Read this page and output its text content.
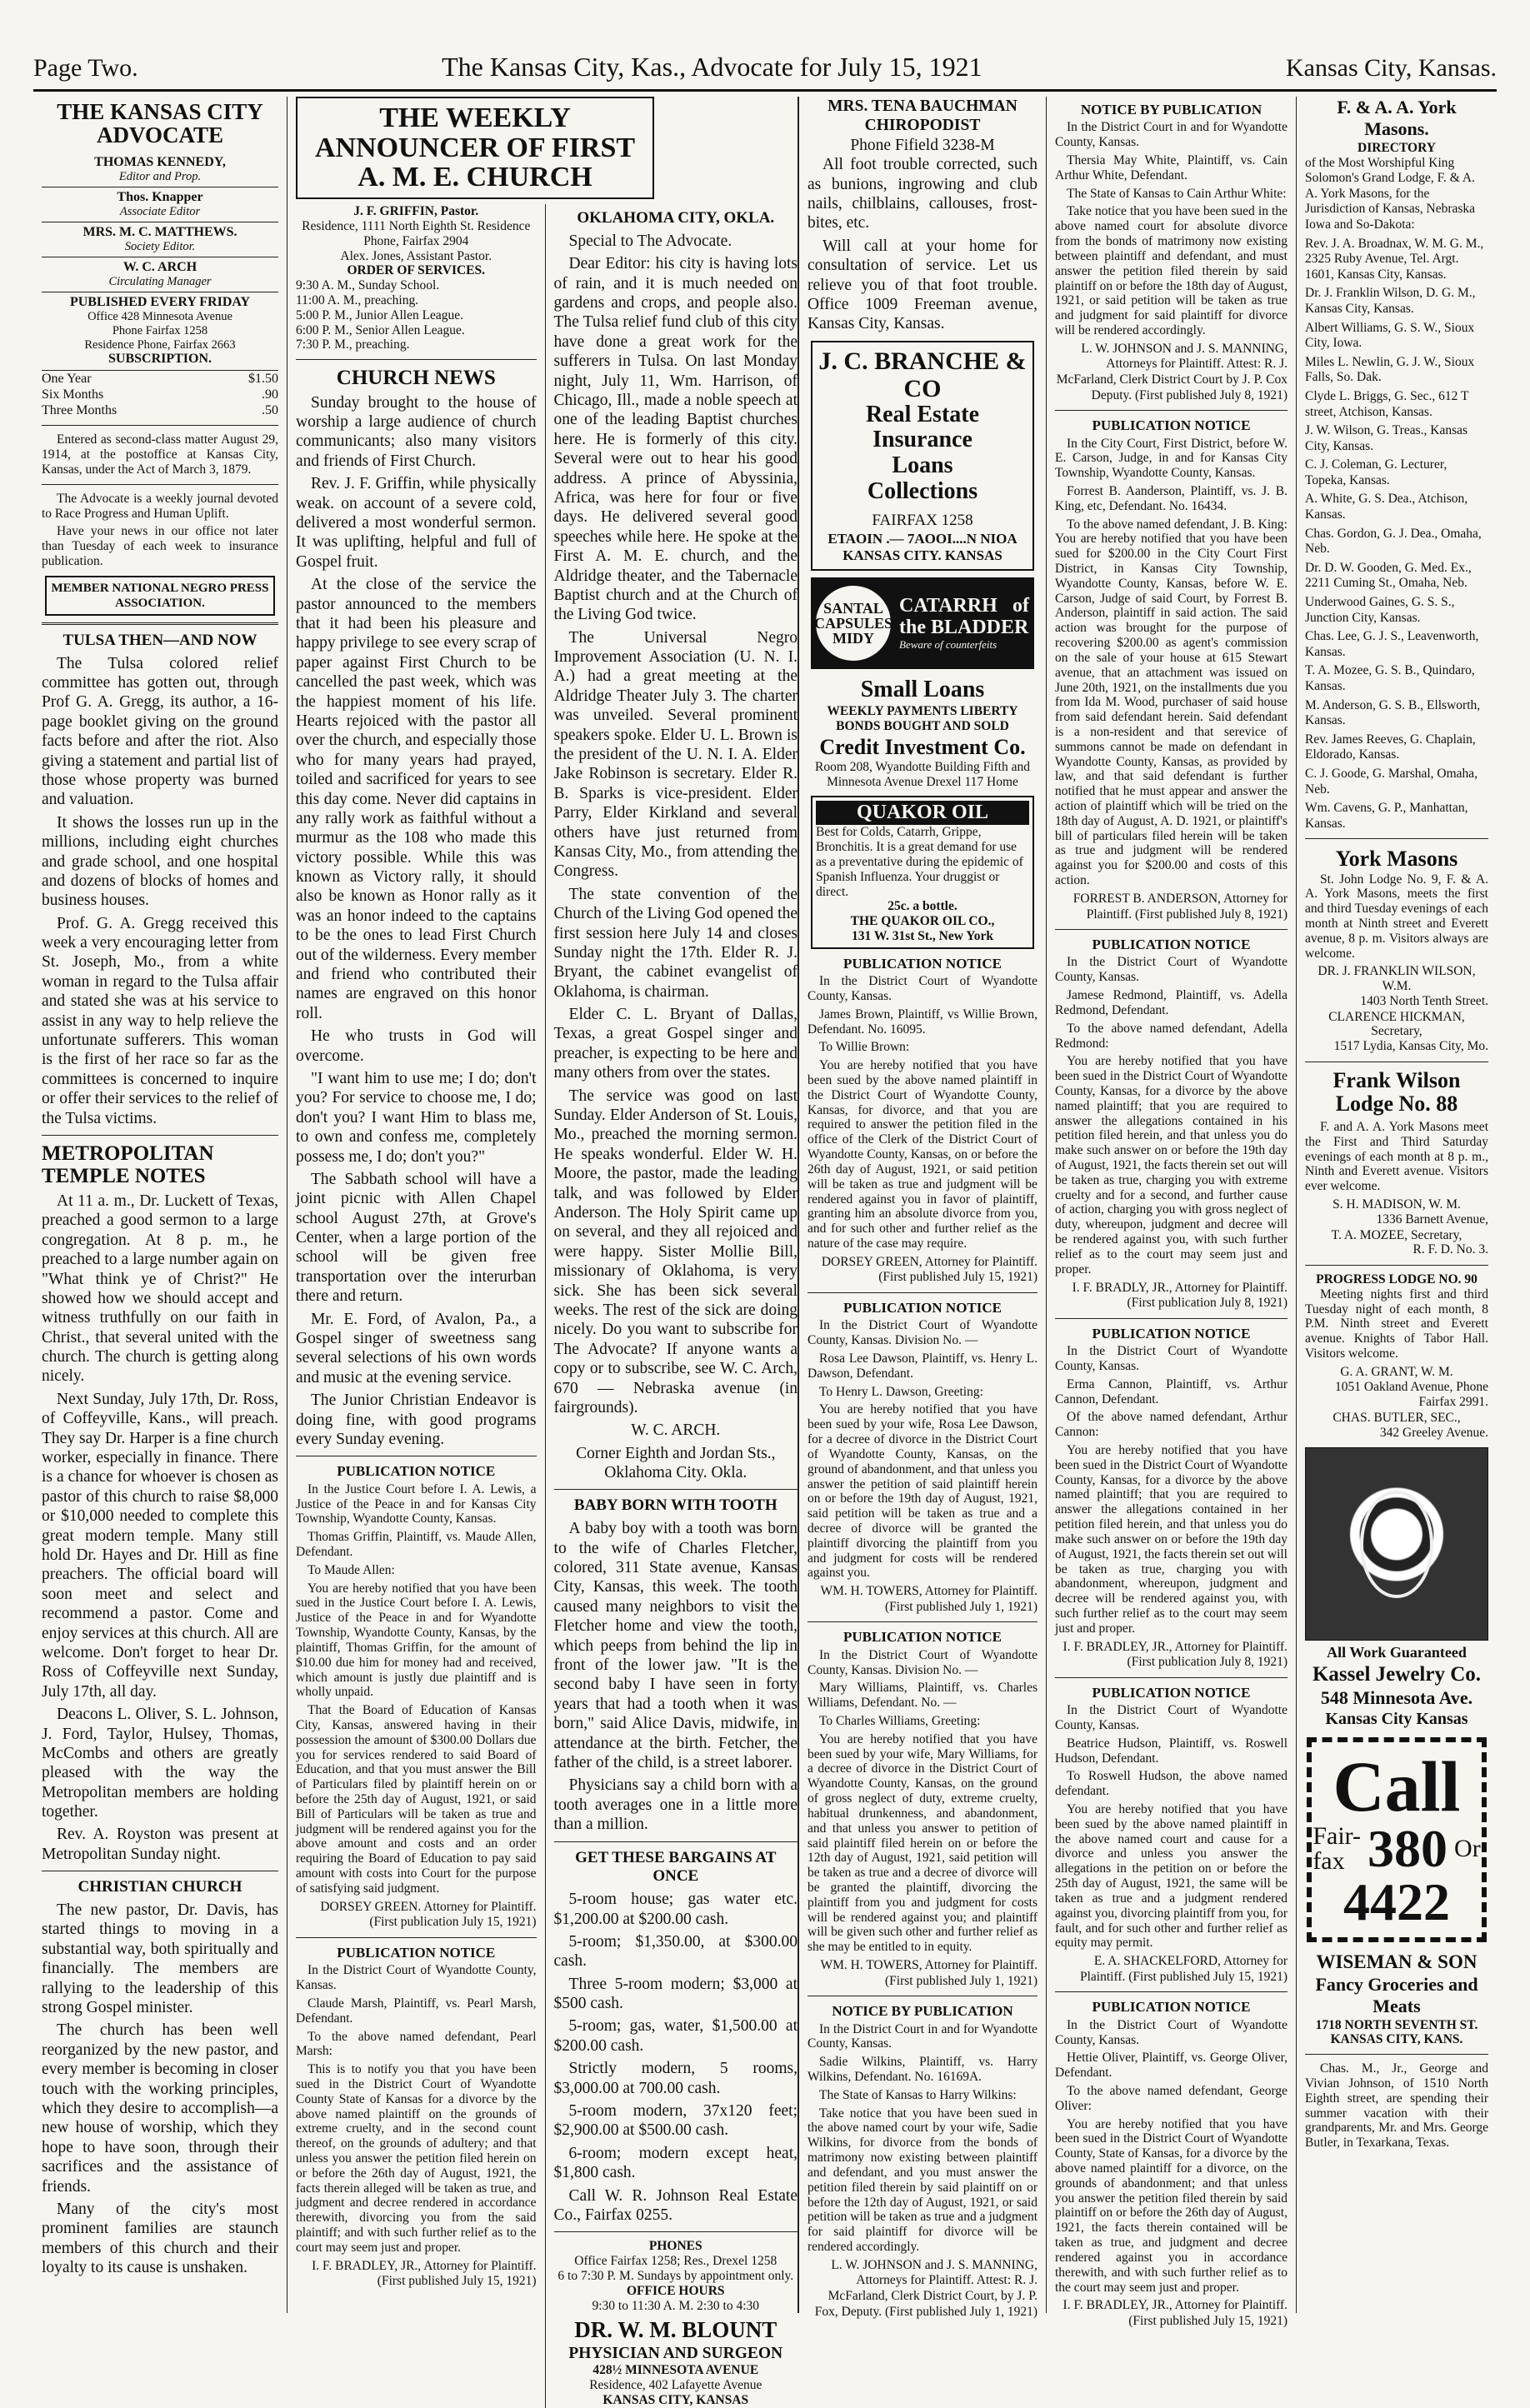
Page Two.	The Kansas City, Kas., Advocate for July 15, 1921	Kansas City, Kansas.
THE KANSAS CITY ADVOCATE
THOMAS KENNEDY,
Editor and Prop.
Thos. Knapper
Associate Editor
MRS. M. C. MATTHEWS.
Society Editor.
W. C. ARCH
Circulating Manager
PUBLISHED EVERY FRIDAY
Office 428 Minnesota Avenue
Phone Fairfax 1258
Residence Phone, Fairfax 2663
SUBSCRIPTION.
One Year	$1.50
Six Months	.90
Three Months	.50

Entered as second-class matter August 29, 1914, at the postoffice at Kansas City, Kansas, under the Act of March 3, 1879.

The Advocate is a weekly journal devoted to Race Progress and Human Uplift.

Have your news in our office not later than Tuesday of each week to insurance publication.

MEMBER NATIONAL NEGRO PRESS ASSOCIATION.
TULSA THEN—AND NOW

The Tulsa colored relief committee has gotten out, through Prof G. A. Gregg, its author, a 16-page booklet giving on the ground facts before and after the riot. Also giving a statement and partial list of those whose property was burned and valuation.

It shows the losses run up in the millions, including eight churches and grade school, and one hospital and dozens of blocks of homes and business houses.

Prof. G. A. Gregg received this week a very encouraging letter from St. Joseph, Mo., from a white woman in regard to the Tulsa affair and stated she was at his service to assist in any way to help relieve the unfortunate sufferers. This woman is the first of her race so far as the committees is concerned to inquire or offer their services to the relief of the Tulsa victims.

METROPOLITAN TEMPLE NOTES

At 11 a. m., Dr. Luckett of Texas, preached a good sermon to a large congregation. At 8 p. m., he preached to a large number again on "What think ye of Christ?" He showed how we should accept and witness truthfully on our faith in Christ., that several united with the church. The church is getting along nicely.

Next Sunday, July 17th, Dr. Ross, of Coffeyville, Kans., will preach. They say Dr. Harper is a fine church worker, especially in finance. There is a chance for whoever is chosen as pastor of this church to raise $8,000 or $10,000 needed to complete this great modern temple. Many still hold Dr. Hayes and Dr. Hill as fine preachers. The official board will soon meet and select and recommend a pastor. Come and enjoy services at this church. All are welcome. Don't forget to hear Dr. Ross of Coffeyville next Sunday, July 17th, all day.

Deacons L. Oliver, S. L. Johnson, J. Ford, Taylor, Hulsey, Thomas, McCombs and others are greatly pleased with the way the Metropolitan members are holding together.

Rev. A. Royston was present at Metropolitan Sunday night.

CHRISTIAN CHURCH

The new pastor, Dr. Davis, has started things to moving in a substantial way, both spiritually and financially. The members are rallying to the leadership of this strong Gospel minister.

The church has been well reorganized by the new pastor, and every member is becoming in closer touch with the working principles, which they desire to accomplish—a new house of worship, which they hope to have soon, through their sacrifices and the assistance of friends.

Many of the city's most prominent families are staunch members of this church and their loyalty to its cause is unshaken.

THE WEEKLY ANNOUNCER OF FIRST A. M. E. CHURCH
J. F. GRIFFIN, Pastor.
Residence, 1111 North Eighth St. Residence Phone, Fairfax 2904
Alex. Jones, Assistant Pastor.
ORDER OF SERVICES.
9:30 A. M., Sunday School.
11:00 A. M., preaching.
5:00 P. M., Junior Allen League.
6:00 P. M., Senior Allen League.
7:30 P. M., preaching.
CHURCH NEWS

Sunday brought to the house of worship a large audience of church communicants; also many visitors and friends of First Church.

Rev. J. F. Griffin, while physically weak. on account of a severe cold, delivered a most wonderful sermon. It was uplifting, helpful and full of Gospel fruit.

At the close of the service the pastor announced to the members that it had been his pleasure and happy privilege to see every scrap of paper against First Church to be cancelled the past week, which was the happiest moment of his life. Hearts rejoiced with the pastor all over the church, and especially those who for many years had prayed, toiled and sacrificed for years to see this day come. Never did captains in any rally work as faithful without a murmur as the 108 who made this victory possible. While this was known as Victory rally, it should also be known as Honor rally as it was an honor indeed to the captains to be the ones to lead First Church out of the wilderness. Every member and friend who contributed their names are engraved on this honor roll.

He who trusts in God will overcome.

"I want him to use me; I do; don't you? For service to choose me, I do; don't you? I want Him to blass me, to own and confess me, completely possess me, I do; don't you?"

The Sabbath school will have a joint picnic with Allen Chapel school August 27th, at Grove's Center, when a large portion of the school will be given free transportation over the interurban there and return.

Mr. E. Ford, of Avalon, Pa., a Gospel singer of sweetness sang several selections of his own words and music at the evening service.

The Junior Christian Endeavor is doing fine, with good programs every Sunday evening.

PUBLICATION NOTICE

In the Justice Court before I. A. Lewis, a Justice of the Peace in and for Kansas City Township, Wyandotte County, Kansas.

Thomas Griffin, Plaintiff, vs. Maude Allen, Defendant.

To Maude Allen:

You are hereby notified that you have been sued in the Justice Court before I. A. Lewis, Justice of the Peace in and for Wyandotte Township, Wyandotte County, Kansas, by the plaintiff, Thomas Griffin, for the amount of $10.00 due him for money had and received, which amount is justly due plaintiff and is wholly unpaid.

That the Board of Education of Kansas City, Kansas, answered having in their possession the amount of $300.00 Dollars due you for services rendered to said Board of Education, and that you must answer the Bill of Particulars filed by plaintiff herein on or before the 25th day of August, 1921, or said Bill of Particulars will be taken as true and judgment will be rendered against you for the above amount and costs and an order requiring the Board of Education to pay said amount with costs into Court for the purpose of satisfying said judgment.

DORSEY GREEN. Attorney for Plaintiff. (First publication July 15, 1921)
PUBLICATION NOTICE

In the District Court of Wyandotte County, Kansas.

Claude Marsh, Plaintiff, vs. Pearl Marsh, Defendant.

To the above named defendant, Pearl Marsh:

This is to notify you that you have been sued in the District Court of Wyandotte County State of Kansas for a divorce by the above named plaintiff on the grounds of extreme cruelty, and in the second count thereof, on the grounds of adultery; and that unless you answer the petition filed herein on or before the 26th day of August, 1921, the facts therein alleged will be taken as true, and judgment and decree rendered in accordance therewith, divorcing you from the said plaintiff; and with such further relief as to the court may seem just and proper.

I. F. BRADLEY, JR., Attorney for Plaintiff. (First published July 15, 1921)
OKLAHOMA CITY, OKLA.

Special to The Advocate.

Dear Editor: his city is having lots of rain, and it is much needed on gardens and crops, and people also. The Tulsa relief fund club of this city have done a great work for the sufferers in Tulsa. On last Monday night, July 11, Wm. Harrison, of Chicago, Ill., made a noble speech at one of the leading Baptist churches here. He is formerly of this city. Several were out to hear his good address. A prince of Abyssinia, Africa, was here for four or five days. He delivered several good speeches while here. He spoke at the First A. M. E. church, and the Aldridge theater, and the Tabernacle Baptist church and at the Church of the Living God twice.

The Universal Negro Improvement Association (U. N. I. A.) had a great meeting at the Aldridge Theater July 3. The charter was unveiled. Several prominent speakers spoke. Elder U. L. Brown is the president of the U. N. I. A. Elder Jake Robinson is secretary. Elder R. B. Sparks is vice-president. Elder Parry, Elder Kirkland and several others have just returned from Kansas City, Mo., from attending the Congress.

The state convention of the Church of the Living God opened the first session here July 14 and closes Sunday night the 17th. Elder R. J. Bryant, the cabinet evangelist of Oklahoma, is chairman.

Elder C. L. Bryant of Dallas, Texas, a great Gospel singer and preacher, is expecting to be here and many others from over the states.

The service was good on last Sunday. Elder Anderson of St. Louis, Mo., preached the morning sermon. He speaks wonderful. Elder W. H. Moore, the pastor, made the leading talk, and was followed by Elder Anderson. The Holy Spirit came up on several, and they all rejoiced and were happy. Sister Mollie Bill, missionary of Oklahoma, is very sick. She has been sick several weeks. The rest of the sick are doing nicely. Do you want to subscribe for The Advocate? If anyone wants a copy or to subscribe, see W. C. Arch, 670 — Nebraska avenue (in fairgrounds).

W. C. ARCH.

Corner Eighth and Jordan Sts., Oklahoma City. Okla.

BABY BORN WITH TOOTH

A baby boy with a tooth was born to the wife of Charles Fletcher, colored, 311 State avenue, Kansas City, Kansas, this week. The tooth caused many neighbors to visit the Fletcher home and view the tooth, which peeps from behind the lip in front of the lower jaw. "It is the second baby I have seen in forty years that had a tooth when it was born," said Alice Davis, midwife, in attendance at the birth. Fetcher, the father of the child, is a street laborer.

Physicians say a child born with a tooth averages one in a little more than a million.

GET THESE BARGAINS AT ONCE

5-room house; gas water etc. $1,200.00 at $200.00 cash.

5-room; $1,350.00, at $300.00 cash.

Three 5-room modern; $3,000 at $500 cash.

5-room; gas, water, $1,500.00 at $200.00 cash.

Strictly modern, 5 rooms, $3,000.00 at 700.00 cash.

5-room modern, 37x120 feet; $2,900.00 at $500.00 cash.

6-room; modern except heat, $1,800 cash.

Call W. R. Johnson Real Estate Co., Fairfax 0255.

PHONES
Office Fairfax 1258; Res., Drexel 1258
6 to 7:30 P. M. Sundays by appointment only.
OFFICE HOURS
9:30 to 11:30 A. M. 2:30 to 4:30
DR. W. M. BLOUNT
PHYSICIAN AND SURGEON
428½ MINNESOTA AVENUE
Residence, 402 Lafayette Avenue
KANSAS CITY, KANSAS
MRS. TENA BAUCHMAN
CHIROPODIST
Phone Fifield 3238-M

All foot trouble corrected, such as bunions, ingrowing and club nails, chilblains, callouses, frost-bites, etc.

Will call at your home for consultation of service. Let us relieve you of that foot trouble. Office 1009 Freeman avenue, Kansas City, Kansas.

J. C. BRANCHE & CO
Real Estate
Insurance
Loans
Collections
FAIRFAX 1258
ETAOIN .— 7AOOI....N NIOA
KANSAS CITY. KANSAS
SANTAL CAPSULES MIDY
CATARRH of the BLADDER
Beware of counterfeits
Small Loans
WEEKLY PAYMENTS LIBERTY BONDS BOUGHT AND SOLD
Credit Investment Co.
Room 208, Wyandotte Building Fifth and Minnesota Avenue Drexel 117 Home
QUAKOR OIL
Best for Colds, Catarrh, Grippe, Bronchitis. It is a great demand for use as a preventative during the epidemic of Spanish Influenza. Your druggist or direct.
25c. a bottle.
THE QUAKOR OIL CO.,
131 W. 31st St., New York
PUBLICATION NOTICE

In the District Court of Wyandotte County, Kansas.

James Brown, Plaintiff, vs Willie Brown, Defendant. No. 16095.

To Willie Brown:

You are hereby notified that you have been sued by the above named plaintiff in the District Court of Wyandotte County, Kansas, for divorce, and that you are required to answer the petition filed in the office of the Clerk of the District Court of Wyandotte County, Kansas, on or before the 26th day of August, 1921, or said petition will be taken as true and judgment will be rendered against you in favor of plaintiff, granting him an absolute divorce from you, and for such other and further relief as the nature of the case may require.

DORSEY GREEN, Attorney for Plaintiff. (First published July 15, 1921)
PUBLICATION NOTICE

In the District Court of Wyandotte County, Kansas. Division No. —

Rosa Lee Dawson, Plaintiff, vs. Henry L. Dawson, Defendant.

To Henry L. Dawson, Greeting:

You are hereby notified that you have been sued by your wife, Rosa Lee Dawson, for a decree of divorce in the District Court of Wyandotte County, Kansas, on the ground of abandonment, and that unless you answer the petition of said plaintiff herein on or before the 19th day of August, 1921, said petition will be taken as true and a decree of divorce will be granted the plaintiff divorcing the plaintiff from you and judgment for costs will be rendered against you.

WM. H. TOWERS, Attorney for Plaintiff. (First published July 1, 1921)
PUBLICATION NOTICE

In the District Court of Wyandotte County, Kansas. Division No. —

Mary Williams, Plaintiff, vs. Charles Williams, Defendant. No. —

To Charles Williams, Greeting:

You are hereby notified that you have been sued by your wife, Mary Williams, for a decree of divorce in the District Court of Wyandotte County, Kansas, on the ground of gross neglect of duty, extreme cruelty, habitual drunkenness, and abandonment, and that unless you answer to petition of said plaintiff filed herein on or before the 12th day of August, 1921, said petition will be taken as true and a decree of divorce will be granted the plaintiff, divorcing the plaintiff from you and judgment for costs will be rendered against you; and plaintiff will be given such other and further relief as she may be entitled to in equity.

WM. H. TOWERS, Attorney for Plaintiff. (First published July 1, 1921)
NOTICE BY PUBLICATION

In the District Court in and for Wyandotte County, Kansas.

Sadie Wilkins, Plaintiff, vs. Harry Wilkins, Defendant. No. 16169A.

The State of Kansas to Harry Wilkins:

Take notice that you have been sued in the above named court by your wife, Sadie Wilkins, for divorce from the bonds of matrimony now existing between plaintiff and defendant, and you must answer the petition filed therein by said plaintiff on or before the 12th day of August, 1921, or said petition will be taken as true and a judgment for said plaintiff for divorce will be rendered accordingly.

L. W. JOHNSON and J. S. MANNING, Attorneys for Plaintiff. Attest: R. J. McFarland, Clerk District Court, by J. P. Fox, Deputy. (First published July 1, 1921)
NOTICE BY PUBLICATION

In the District Court in and for Wyandotte County, Kansas.

Thersia May White, Plaintiff, vs. Cain Arthur White, Defendant.

The State of Kansas to Cain Arthur White:

Take notice that you have been sued in the above named court for absolute divorce from the bonds of matrimony now existing between plaintiff and defendant, and must answer the petition filed therein by said plaintiff on or before the 18th day of August, 1921, or said petition will be taken as true and judgment for said plaintiff for divorce will be rendered accordingly.

L. W. JOHNSON and J. S. MANNING, Attorneys for Plaintiff. Attest: R. J. McFarland, Clerk District Court by J. P. Cox Deputy. (First published July 8, 1921)
PUBLICATION NOTICE

In the City Court, First District, before W. E. Carson, Judge, in and for Kansas City Township, Wyandotte County, Kansas.

Forrest B. Aanderson, Plaintiff, vs. J. B. King, etc, Defendant. No. 16434.

To the above named defendant, J. B. King: You are hereby notified that you have been sued for $200.00 in the City Court First District, in Kansas City Township, Wyandotte County, Kansas, before W. E. Carson, Judge of said Court, by Forrest B. Anderson, plaintiff in said action. The said action was brought for the purpose of recovering $200.00 as agent's commission on the sale of your house at 615 Stewart avenue, that an attachment was issued on June 20th, 1921, on the installments due you from Ida M. Wood, purchaser of said house from said defendant herein. Said defendant is a non-resident and that serevice of summons cannot be made on defendant in Wyandotte County, Kansas, as provided by law, and that said defendant is further notified that he must appear and answer the action of plaintiff which will be tried on the 18th day of August, A. D. 1921, or plaintiff's bill of particulars filed herein will be taken as true and judgment will be rendered against you for $200.00 and costs of this action.

FORREST B. ANDERSON, Attorney for Plaintiff. (First published July 8, 1921)
PUBLICATION NOTICE

In the District Court of Wyandotte County, Kansas.

Jamese Redmond, Plaintiff, vs. Adella Redmond, Defendant.

To the above named defendant, Adella Redmond:

You are hereby notified that you have been sued in the District Court of Wyandotte County, Kansas, for a divorce by the above named plaintiff; that you are required to answer the allegations contained in his petition filed herein, and that unless you do make such answer on or before the 19th day of August, 1921, the facts therein set out will be taken as true, charging you with extreme cruelty and for a second, and further cause of action, charging you with gross neglect of duty, whereupon, judgment and decree will be rendered against you, with such further relief as to the court may seem just and proper.

I. F. BRADLY, JR., Attorney for Plaintiff. (First publication July 8, 1921)
PUBLICATION NOTICE

In the District Court of Wyandotte County, Kansas.

Erma Cannon, Plaintiff, vs. Arthur Cannon, Defendant.

Of the above named defendant, Arthur Cannon:

You are hereby notified that you have been sued in the District Court of Wyandotte County, Kansas, for a divorce by the above named plaintiff; that you are required to answer the allegations contained in her petition filed herein, and that unless you do make such answer on or before the 19th day of August, 1921, the facts therein set out will be taken as true, charging you with abandonment, whereupon, judgment and decree will be rendered against you, with such further relief as to the court may seem just and proper.

I. F. BRADLEY, JR., Attorney for Plaintiff. (First publication July 8, 1921)
PUBLICATION NOTICE

In the District Court of Wyandotte County, Kansas.

Beatrice Hudson, Plaintiff, vs. Roswell Hudson, Defendant.

To Roswell Hudson, the above named defendant.

You are hereby notified that you have been sued by the above named plaintiff in the above named court and cause for a divorce and unless you answer the allegations in the petition on or before the 25th day of August, 1921, the same will be taken as true and a judgment rendered against you, divorcing plaintiff from you, for fault, and for such other and further relief as equity may permit.

E. A. SHACKELFORD, Attorney for Plaintiff. (First published July 15, 1921)
PUBLICATION NOTICE

In the District Court of Wyandotte County, Kansas.

Hettie Oliver, Plaintiff, vs. George Oliver, Defendant.

To the above named defendant, George Oliver:

You are hereby notified that you have been sued in the District Court of Wyandotte County, State of Kansas, for a divorce by the above named plaintiff for a divorce, on the grounds of abandonment; and that unless you answer the petition filed therein by said plaintiff on or before the 26th day of August, 1921, the facts therein contained will be taken as true, and judgment and decree rendered against you in accordance therewith, and with such further relief as to the court may seem just and proper.

I. F. BRADLEY, JR., Attorney for Plaintiff. (First published July 15, 1921)
F. & A. A. York Masons.
DIRECTORY
of the Most Worshipful King Solomon's Grand Lodge, F. & A. A. York Masons, for the Jurisdiction of Kansas, Nebraska Iowa and So-Dakota:
Rev. J. A. Broadnax, W. M. G. M., 2325 Ruby Avenue, Tel. Argt. 1601, Kansas City, Kansas.
Dr. J. Franklin Wilson, D. G. M., Kansas City, Kansas.
Albert Williams, G. S. W., Sioux City, Iowa.
Miles L. Newlin, G. J. W., Sioux Falls, So. Dak.
Clyde L. Briggs, G. Sec., 612 T street, Atchison, Kansas.
J. W. Wilson, G. Treas., Kansas City, Kansas.
C. J. Coleman, G. Lecturer, Topeka, Kansas.
A. White, G. S. Dea., Atchison, Kansas.
Chas. Gordon, G. J. Dea., Omaha, Neb.
Dr. D. W. Gooden, G. Med. Ex., 2211 Cuming St., Omaha, Neb.
Underwood Gaines, G. S. S., Junction City, Kansas.
Chas. Lee, G. J. S., Leavenworth, Kansas.
T. A. Mozee, G. S. B., Quindaro, Kansas.
M. Anderson, G. S. B., Ellsworth, Kansas.
Rev. James Reeves, G. Chaplain, Eldorado, Kansas.
C. J. Goode, G. Marshal, Omaha, Neb.
Wm. Cavens, G. P., Manhattan, Kansas.
York Masons

St. John Lodge No. 9, F. & A. A. York Masons, meets the first and third Tuesday evenings of each month at Ninth street and Everett avenue, 8 p. m. Visitors always are welcome.

DR. J. FRANKLIN WILSON, W.M.
1403 North Tenth Street.
CLARENCE HICKMAN, Secretary,
1517 Lydia, Kansas City, Mo.
Frank Wilson Lodge No. 88

F. and A. A. York Masons meet the First and Third Saturday evenings of each month at 8 p. m., Ninth and Everett avenue. Visitors ever welcome.

S. H. MADISON, W. M.
1336 Barnett Avenue,
T. A. MOZEE, Secretary,
R. F. D. No. 3.
PROGRESS LODGE NO. 90

Meeting nights first and third Tuesday night of each month, 8 P.M. Ninth street and Everett avenue. Knights of Tabor Hall. Visitors welcome.

G. A. GRANT, W. M.
1051 Oakland Avenue, Phone Fairfax 2991.
CHAS. BUTLER, SEC.,
342 Greeley Avenue.
All Work Guaranteed
Kassel Jewelry Co.
548 Minnesota Ave.
Kansas City Kansas
Call
Fair-fax 380 Or
4422
WISEMAN & SON
Fancy Groceries and Meats
1718 NORTH SEVENTH ST. KANSAS CITY, KANS.

Chas. M., Jr., George and Vivian Johnson, of 1510 North Eighth street, are spending their summer vacation with their grandparents, Mr. and Mrs. George Butler, in Texarkana, Texas.
